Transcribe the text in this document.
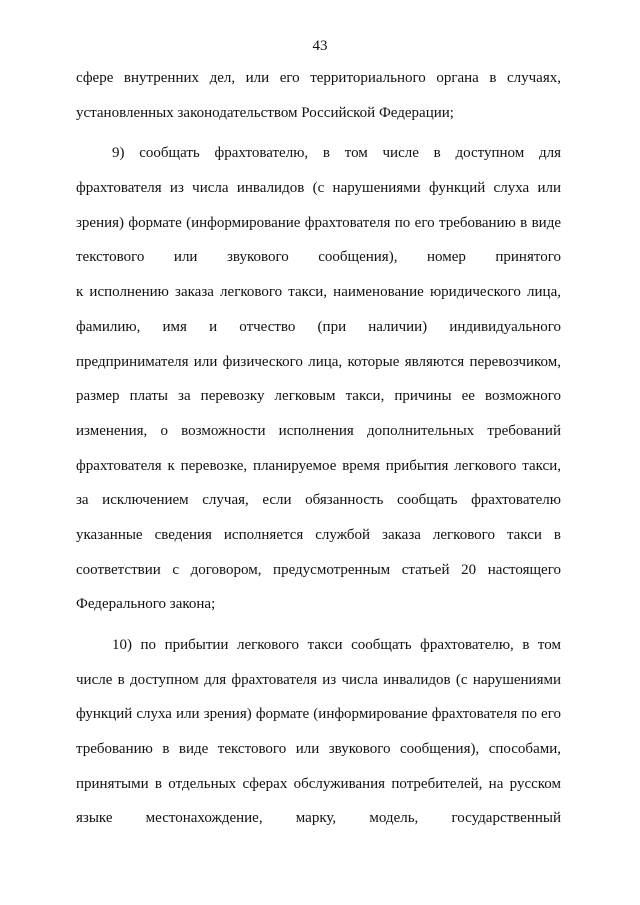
43
сфере внутренних дел, или его территориального органа в случаях,
установленных законодательством Российской Федерации;
9) сообщать фрахтователю, в том числе в доступном для
фрахтователя из числа инвалидов (с нарушениями функций слуха или
зрения) формате (информирование фрахтователя по его требованию в виде
текстового или звукового сообщения), номер принятого
к исполнению заказа легкового такси, наименование юридического лица,
фамилию, имя и отчество (при наличии) индивидуального
предпринимателя или физического лица, которые являются перевозчиком,
размер платы за перевозку легковым такси, причины ее возможного
изменения, о возможности исполнения дополнительных требований
фрахтователя к перевозке, планируемое время прибытия легкового такси,
за исключением случая, если обязанность сообщать фрахтователю
указанные сведения исполняется службой заказа легкового такси в
соответствии с договором, предусмотренным статьей 20 настоящего
Федерального закона;
10) по прибытии легкового такси сообщать фрахтователю, в том
числе в доступном для фрахтователя из числа инвалидов (с нарушениями
функций слуха или зрения) формате (информирование фрахтователя по его
требованию в виде текстового или звукового сообщения), способами,
принятыми в отдельных сферах обслуживания потребителей, на русском
языке местонахождение, марку, модель, государственный
